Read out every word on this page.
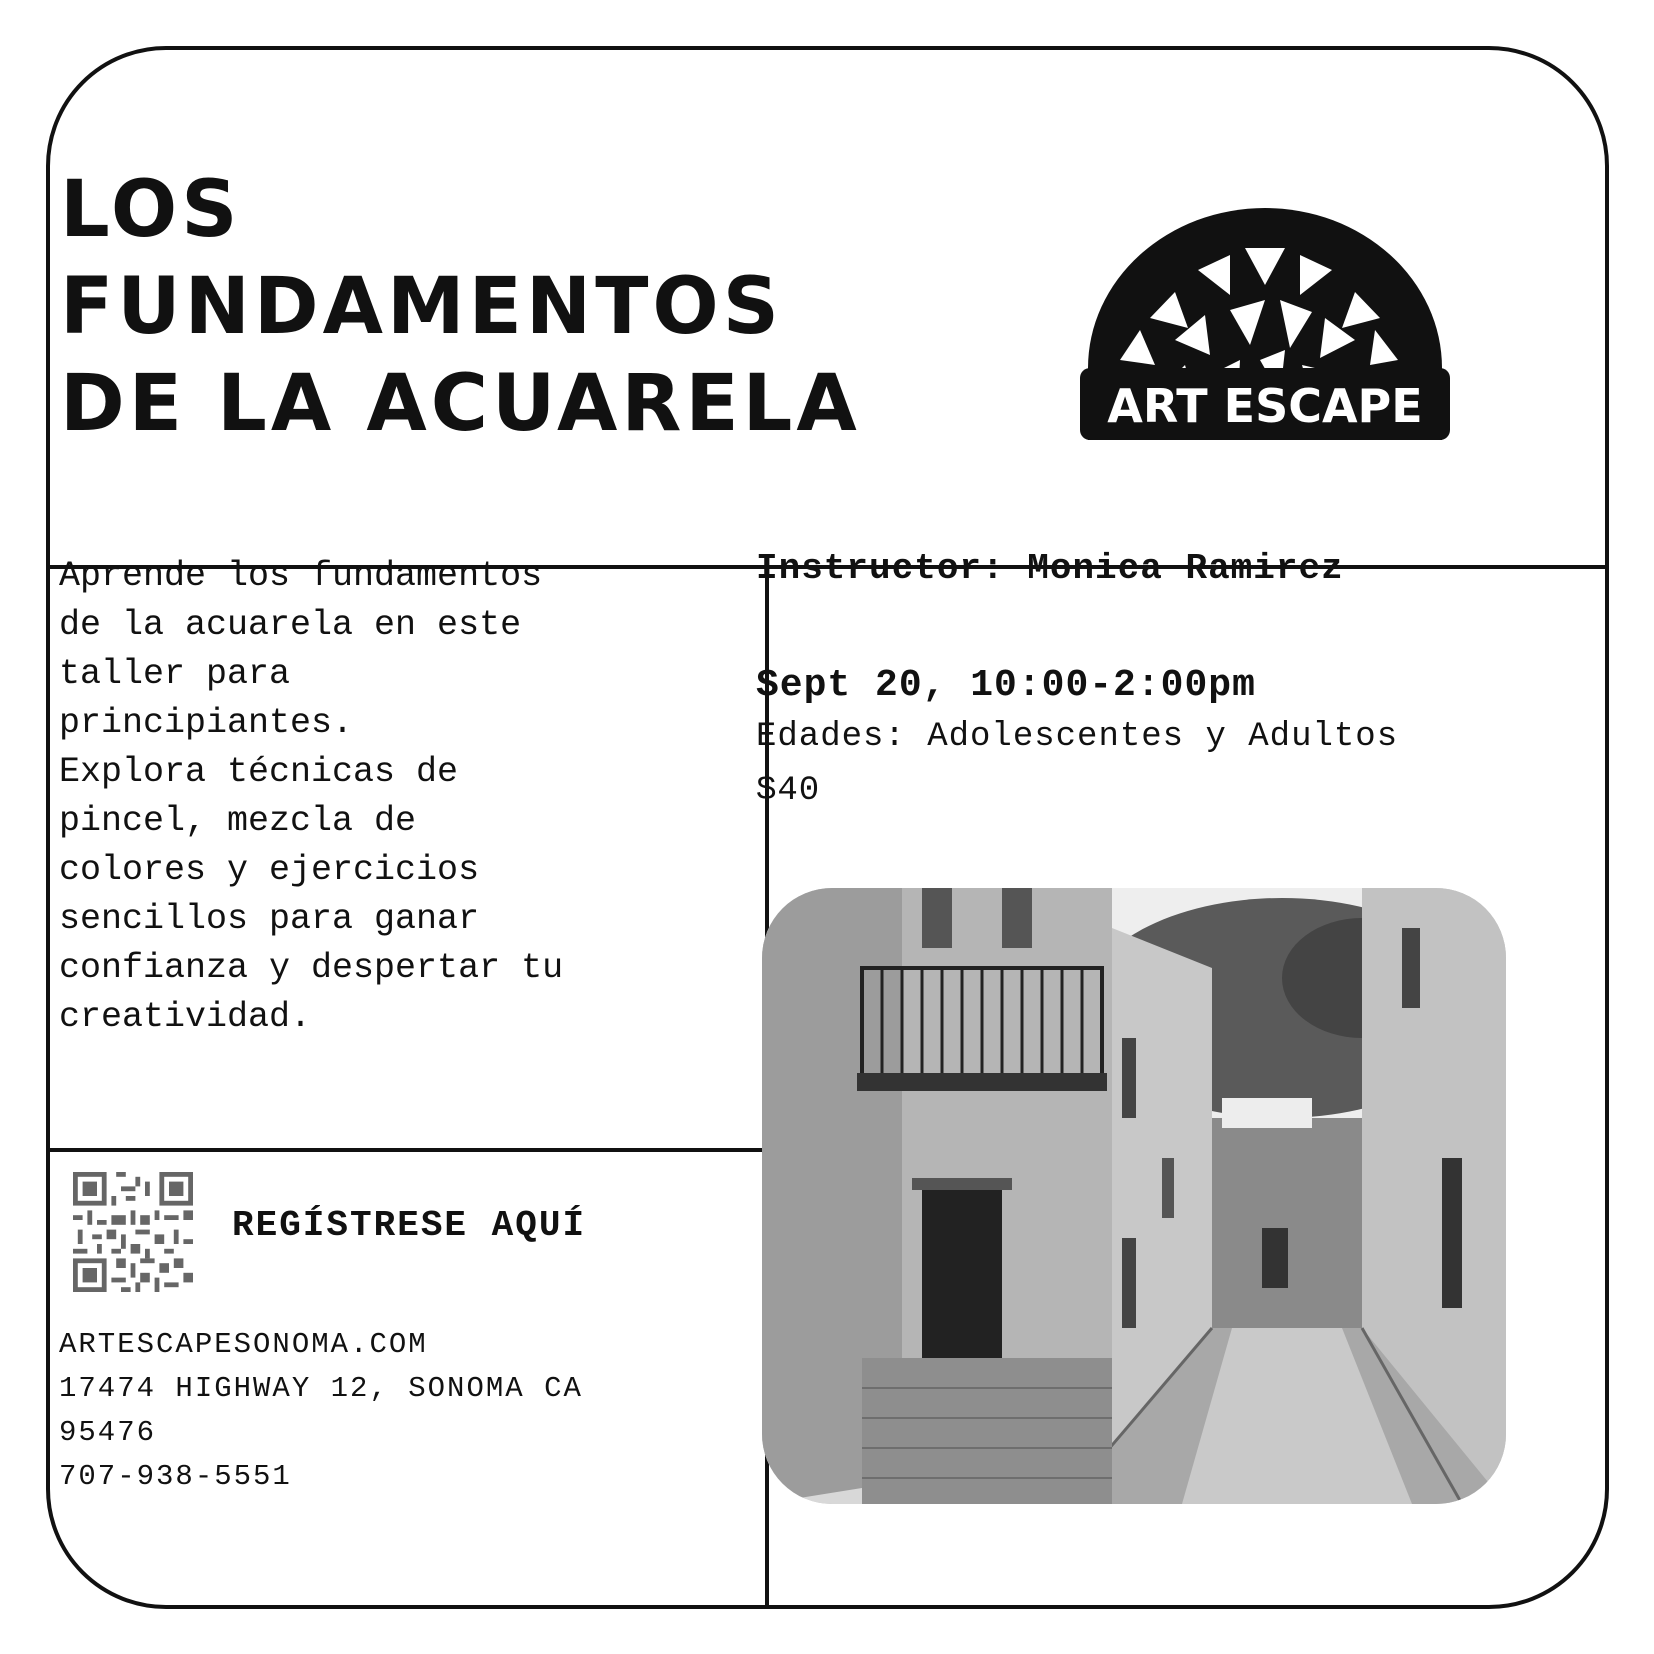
LOS
FUNDAMENTOS
DE LA ACUARELA	ART ESCAPE

Aprende los fundamentos
de la acuarela en este
taller para
principiantes.
Explora técnicas de
pincel, mezcla de
colores y ejercicios
sencillos para ganar
confianza y despertar tu
creatividad.

REGÍSTRESE AQUÍ
ARTESCAPESONOMA.COM
17474 HIGHWAY 12, SONOMA CA
95476
707-938-5551
Instructor: Monica Ramirez
Sept 20, 10:00-2:00pm
Edades: Adolescentes y Adultos
$40
